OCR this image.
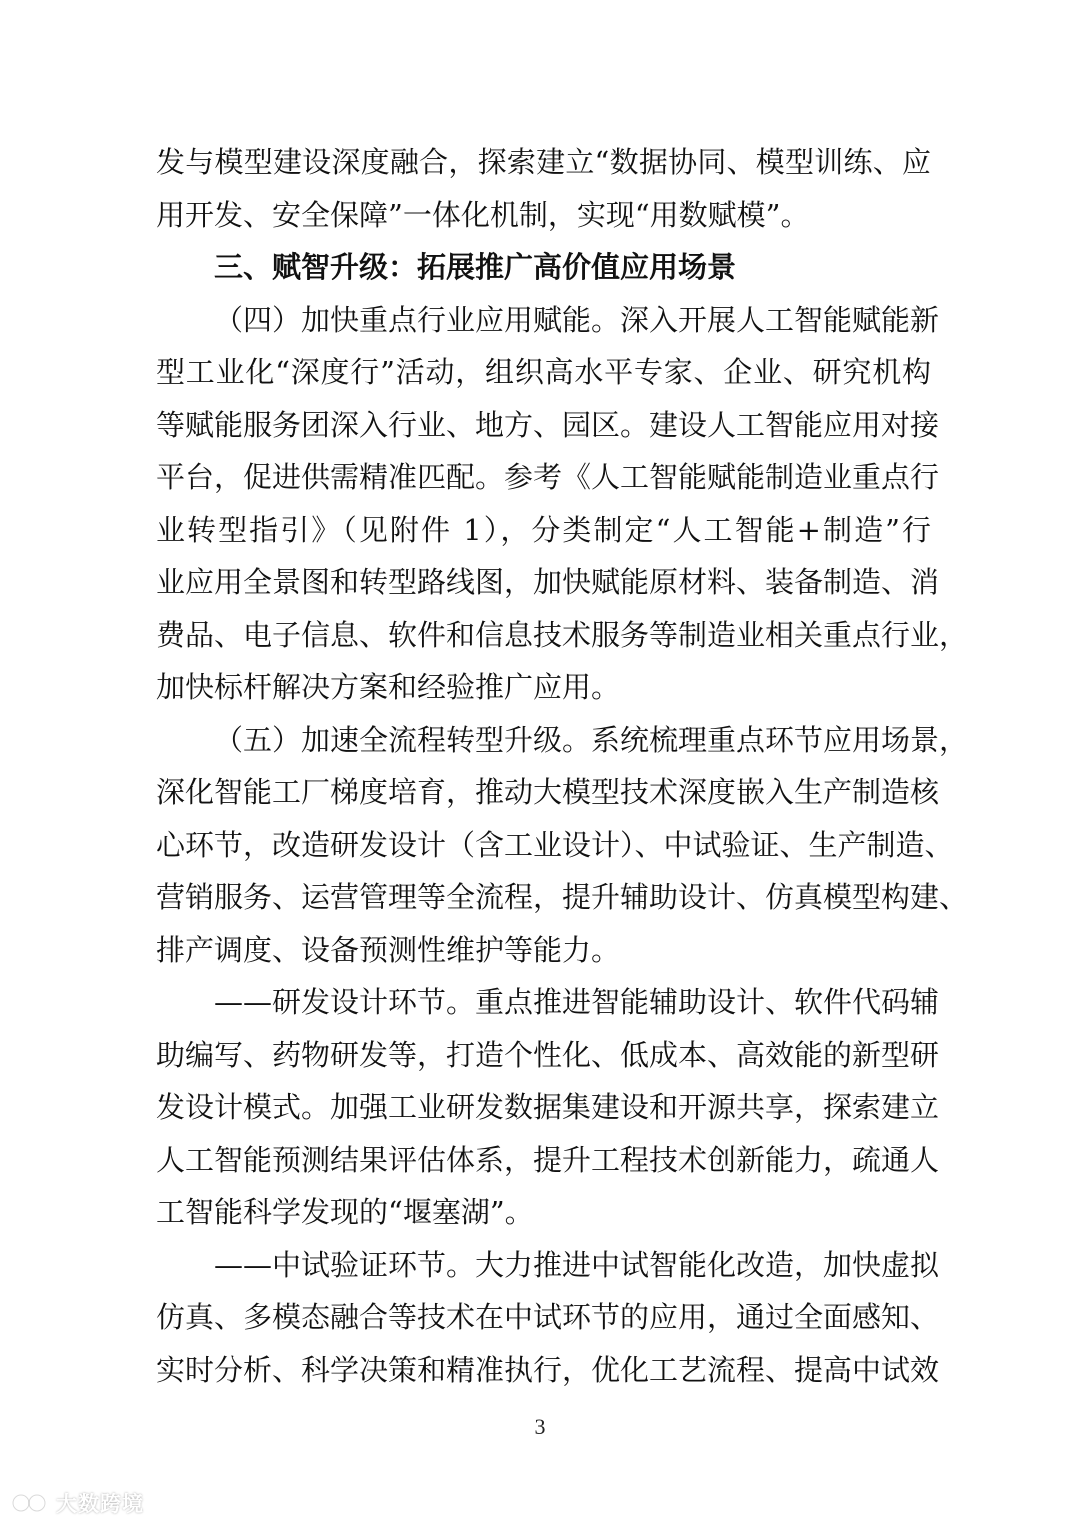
发与模型建设深度融合，探索建立“数据协同、模型训练、应
用开发、安全保障”一体化机制，实现“用数赋模”。
三、赋智升级：拓展推广高价值应用场景
（四）加快重点行业应用赋能。深入开展人工智能赋能新
型工业化“深度行”活动，组织高水平专家、企业、研究机构
等赋能服务团深入行业、地方、园区。建设人工智能应用对接
平台，促进供需精准匹配。参考《人工智能赋能制造业重点行
业转型指引》（见附件 1），分类制定“人工智能+制造”行
业应用全景图和转型路线图，加快赋能原材料、装备制造、消
费品、电子信息、软件和信息技术服务等制造业相关重点行业，
加快标杆解决方案和经验推广应用。
（五）加速全流程转型升级。系统梳理重点环节应用场景，
深化智能工厂梯度培育，推动大模型技术深度嵌入生产制造核
心环节，改造研发设计（含工业设计）、中试验证、生产制造、
营销服务、运营管理等全流程，提升辅助设计、仿真模型构建、
排产调度、设备预测性维护等能力。
——研发设计环节。重点推进智能辅助设计、软件代码辅
助编写、药物研发等，打造个性化、低成本、高效能的新型研
发设计模式。加强工业研发数据集建设和开源共享，探索建立
人工智能预测结果评估体系，提升工程技术创新能力，疏通人
工智能科学发现的“堰塞湖”。
——中试验证环节。大力推进中试智能化改造，加快虚拟
仿真、多模态融合等技术在中试环节的应用，通过全面感知、
实时分析、科学决策和精准执行，优化工艺流程、提高中试效
3
大数跨境
